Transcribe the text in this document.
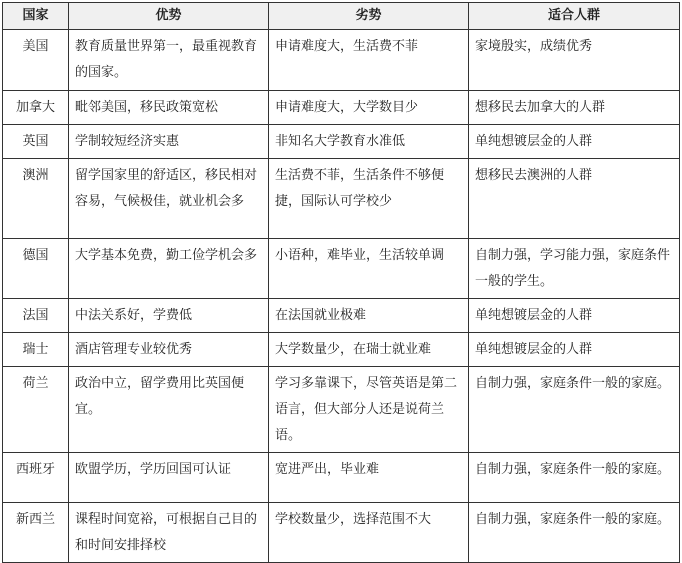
国家	优势	劣势	适合人群
美国	教育质量世界第一，最重视教育的国家。	申请难度大，生活费不菲	家境殷实，成绩优秀
加拿大	毗邻美国，移民政策宽松	申请难度大，大学数目少	想移民去加拿大的人群
英国	学制较短经济实惠	非知名大学教育水准低	单纯想镀层金的人群
澳洲	留学国家里的舒适区，移民相对容易，气候极佳，就业机会多	生活费不菲，生活条件不够便捷，国际认可学校少	想移民去澳洲的人群
德国	大学基本免费，勤工俭学机会多	小语种，难毕业，生活较单调	自制力强，学习能力强，家庭条件一般的学生。
法国	中法关系好，学费低	在法国就业极难	单纯想镀层金的人群
瑞士	酒店管理专业较优秀	大学数量少，在瑞士就业难	单纯想镀层金的人群
荷兰	政治中立，留学费用比英国便宜。	学习多靠课下，尽管英语是第二语言，但大部分人还是说荷兰语。	自制力强，家庭条件一般的家庭。
西班牙	欧盟学历，学历回国可认证	宽进严出，毕业难	自制力强，家庭条件一般的家庭。
新西兰	课程时间宽裕，可根据自己目的和时间安排择校	学校数量少，选择范围不大	自制力强，家庭条件一般的家庭。
